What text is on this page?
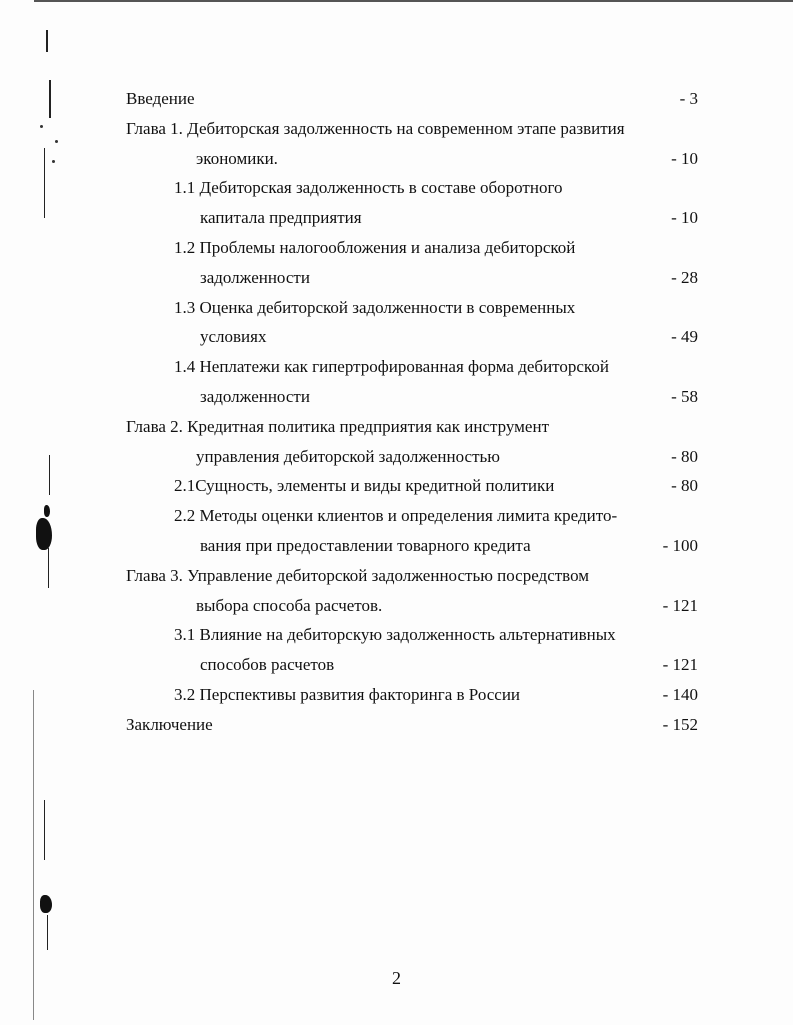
Введение	- 3
Глава 1. Дебиторская задолженность на современном этапе развития
экономики.	- 10
1.1 Дебиторская задолженность в составе оборотного
капитала предприятия	- 10
1.2 Проблемы налогообложения и анализа дебиторской
задолженности	- 28
1.3 Оценка дебиторской задолженности в современных
условиях	- 49
1.4 Неплатежи как гипертрофированная форма дебиторской
задолженности	- 58
Глава 2. Кредитная политика предприятия как инструмент
управления дебиторской задолженностью	- 80
2.1Сущность, элементы и виды кредитной политики	- 80
2.2 Методы оценки клиентов и определения лимита кредито-
вания при предоставлении товарного кредита	- 100
Глава 3. Управление дебиторской задолженностью посредством
выбора способа расчетов.	- 121
3.1 Влияние на дебиторскую задолженность альтернативных
способов расчетов	- 121
3.2 Перспективы развития факторинга в России	- 140
Заключение	- 152
2
